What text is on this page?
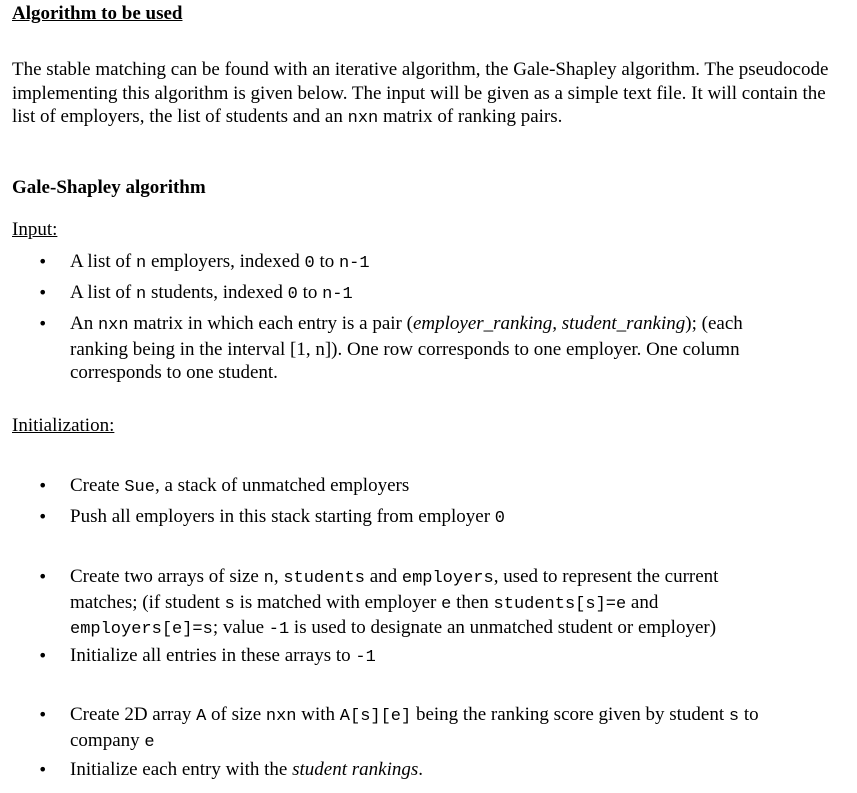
Algorithm to be used

The stable matching can be found with an iterative algorithm, the Gale-Shapley algorithm. The pseudocode implementing this algorithm is given below. The input will be given as a simple text file. It will contain the list of employers, the list of students and an nxn matrix of ranking pairs.

Gale-Shapley algorithm
Input:
• A list of n employers, indexed 0 to n-1
• A list of n students, indexed 0 to n-1
• An nxn matrix in which each entry is a pair (employer_ranking, student_ranking); (each ranking being in the interval [1, n]). One row corresponds to one employer. One column corresponds to one student.
Initialization:
• Create Sue, a stack of unmatched employers
• Push all employers in this stack starting from employer 0
• Create two arrays of size n, students and employers, used to represent the current matches; (if student s is matched with employer e then students[s]=e and employers[e]=s; value -1 is used to designate an unmatched student or employer)
• Initialize all entries in these arrays to -1
• Create 2D array A of size nxn with A[s][e] being the ranking score given by student s to company e
• Initialize each entry with the student rankings.
